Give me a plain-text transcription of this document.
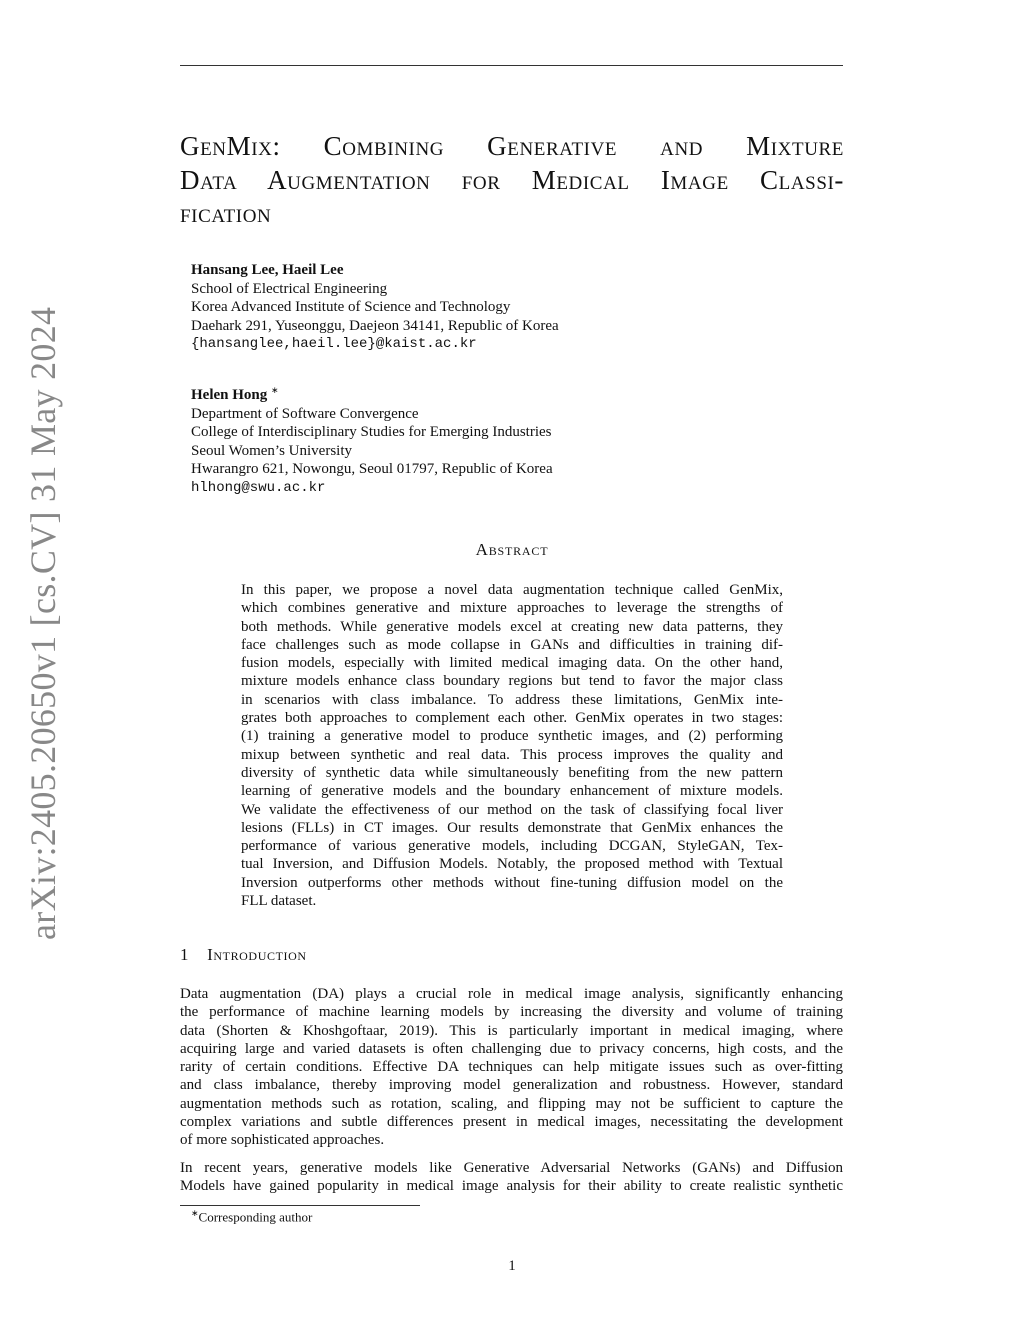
arXiv:2405.20650v1 [cs.CV] 31 May 2024
GenMix: Combining Generative and Mixture
Data Augmentation for Medical Image Classi-
fication
Hansang Lee, Haeil Lee
School of Electrical Engineering
Korea Advanced Institute of Science and Technology
Daehark 291, Yuseonggu, Daejeon 34141, Republic of Korea
{hansanglee,haeil.lee}@kaist.ac.kr
Helen Hong ∗
Department of Software Convergence
College of Interdisciplinary Studies for Emerging Industries
Seoul Women’s University
Hwarangro 621, Nowongu, Seoul 01797, Republic of Korea
hlhong@swu.ac.kr
Abstract
In this paper, we propose a novel data augmentation technique called GenMix,
which combines generative and mixture approaches to leverage the strengths of
both methods. While generative models excel at creating new data patterns, they
face challenges such as mode collapse in GANs and difficulties in training dif-
fusion models, especially with limited medical imaging data. On the other hand,
mixture models enhance class boundary regions but tend to favor the major class
in scenarios with class imbalance. To address these limitations, GenMix inte-
grates both approaches to complement each other. GenMix operates in two stages:
(1) training a generative model to produce synthetic images, and (2) performing
mixup between synthetic and real data. This process improves the quality and
diversity of synthetic data while simultaneously benefiting from the new pattern
learning of generative models and the boundary enhancement of mixture models.
We validate the effectiveness of our method on the task of classifying focal liver
lesions (FLLs) in CT images. Our results demonstrate that GenMix enhances the
performance of various generative models, including DCGAN, StyleGAN, Tex-
tual Inversion, and Diffusion Models. Notably, the proposed method with Textual
Inversion outperforms other methods without fine-tuning diffusion model on the
FLL dataset.
1 Introduction
Data augmentation (DA) plays a crucial role in medical image analysis, significantly enhancing
the performance of machine learning models by increasing the diversity and volume of training
data (Shorten & Khoshgoftaar, 2019). This is particularly important in medical imaging, where
acquiring large and varied datasets is often challenging due to privacy concerns, high costs, and the
rarity of certain conditions. Effective DA techniques can help mitigate issues such as over-fitting
and class imbalance, thereby improving model generalization and robustness. However, standard
augmentation methods such as rotation, scaling, and flipping may not be sufficient to capture the
complex variations and subtle differences present in medical images, necessitating the development
of more sophisticated approaches.
In recent years, generative models like Generative Adversarial Networks (GANs) and Diffusion
Models have gained popularity in medical image analysis for their ability to create realistic synthetic
∗Corresponding author
1
